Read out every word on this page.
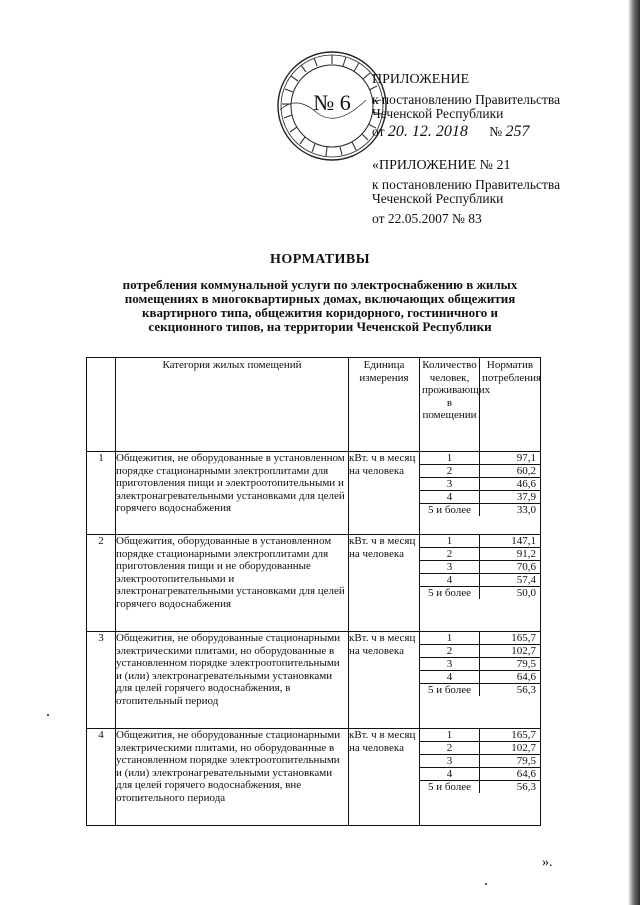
№ 6
ПРИЛОЖЕНИЕ
к постановлению Правительства
Чеченской Республики
от 20. 12. 2018 № 257
«ПРИЛОЖЕНИЕ № 21
к постановлению Правительства
Чеченской Республики
от 22.05.2007 № 83
НОРМАТИВЫ
потребления коммунальной услуги по электроснабжению в жилых помещениях в многоквартирных домах, включающих общежития квартирного типа, общежития коридорного, гостиничного и секционного типов, на территории Чеченской Республики
	Категория жилых помещений	Единица измерения	Количество человек, проживающих в помещении	Норматив потребления
1	Общежития, не оборудованные в установленном порядке стационарными электроплитами для приготовления пищи и электроотопительными и электронагревательными установками для целей горячего водоснабжения	кВт. ч в месяц на человека	
1	97,1
2	60,2
3	46,6
4	37,9
5 и более	33,0

2	Общежития, оборудованные в установленном порядке стационарными электроплитами для приготовления пищи и не оборудованные электроотопительными и электронагревательными установками для целей горячего водоснабжения	кВт. ч в месяц на человека	
1	147,1
2	91,2
3	70,6
4	57,4
5 и более	50,0

3	Общежития, не оборудованные стационарными электрическими плитами, но оборудованные в установленном порядке электроотопительными и (или) электронагревательными установками для целей горячего водоснабжения, в отопительный период	кВт. ч в месяц на человека	
1	165,7
2	102,7
3	79,5
4	64,6
5 и более	56,3

4	Общежития, не оборудованные стационарными электрическими плитами, но оборудованные в установленном порядке электроотопительными и (или) электронагревательными установками для целей горячего водоснабжения, вне отопительного периода	кВт. ч в месяц на человека	
1	165,7
2	102,7
3	79,5
4	64,6
5 и более	56,3
».
